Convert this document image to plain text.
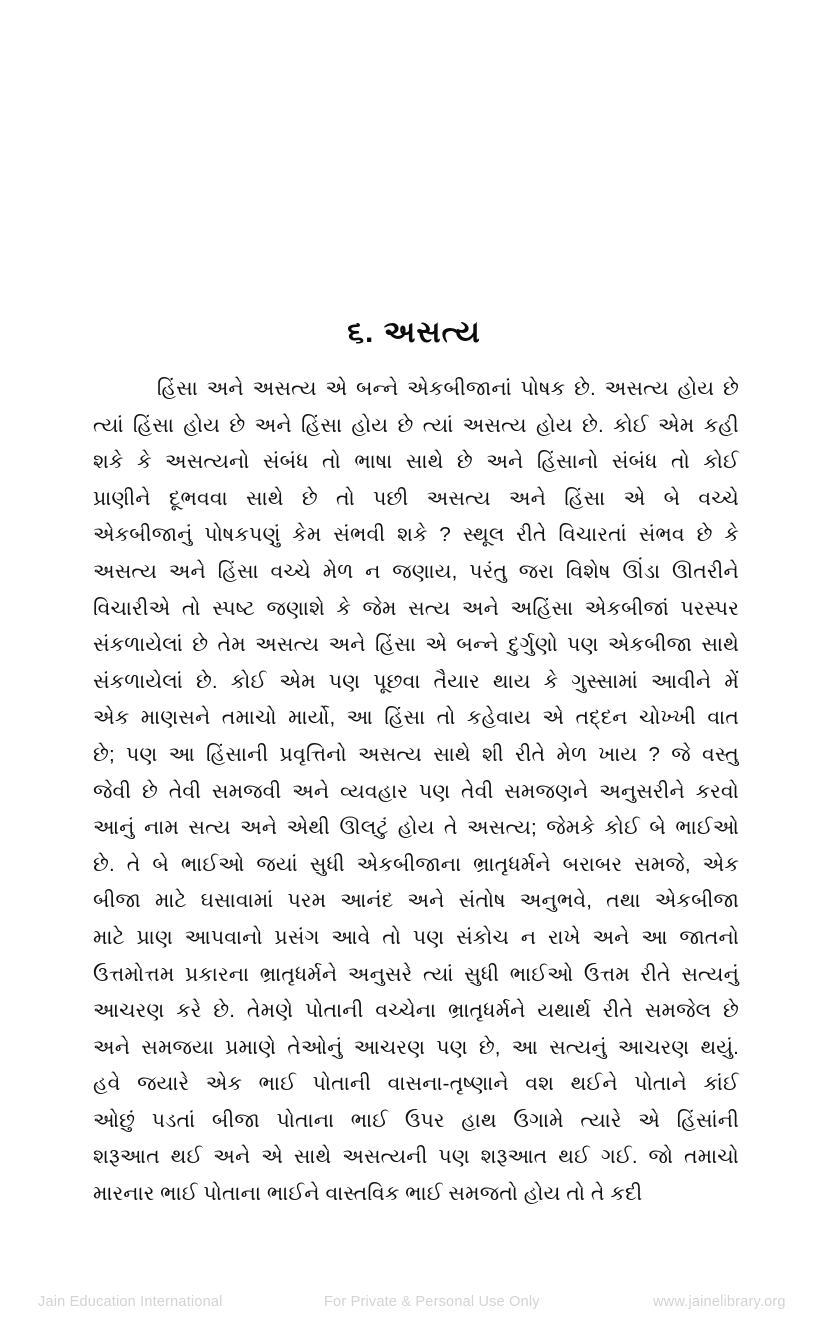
૬. અસત્ય
હિંસા અને અસત્ય એ બન્ને એકબીજાનાં પોષક છે. અસત્ય હોય છે
ત્યાં હિંસા હોય છે અને હિંસા હોય છે ત્યાં અસત્ય હોય છે. કોઈ એમ કહી
શકે કે અસત્યનો સંબંધ તો ભાષા સાથે છે અને હિંસાનો સંબંધ તો કોઈ
પ્રાણીને દૂભવવા સાથે છે તો પછી અસત્ય અને હિંસા એ બે વચ્ચે
એકબીજાનું પોષકપણું કેમ સંભવી શકે ? સ્થૂલ રીતે વિચારતાં સંભવ છે કે
અસત્ય અને હિંસા વચ્ચે મેળ ન જણાય, પરંતુ જરા વિશેષ ઊંડા ઊતરીને
વિચારીએ તો સ્પષ્ટ જણાશે કે જેમ સત્ય અને અહિંસા એકબીજાં પરસ્પર
સંકળાયેલાં છે તેમ અસત્ય અને હિંસા એ બન્ને દુર્ગુણો પણ એકબીજા સાથે
સંકળાયેલાં છે. કોઈ એમ પણ પૂછવા તૈયાર થાય કે ગુસ્સામાં આવીને મેં
એક માણસને તમાચો માર્યો, આ હિંસા તો કહેવાય એ તદ્દન ચોખ્ખી વાત
છે; પણ આ હિંસાની પ્રવૃત્તિનો અસત્ય સાથે શી રીતે મેળ ખાય ? જે વસ્તુ
જેવી છે તેવી સમજવી અને વ્યવહાર પણ તેવી સમજણને અનુસરીને કરવો
આનું નામ સત્ય અને એથી ઊલટું હોય તે અસત્ય; જેમકે કોઈ બે ભાઈઓ
છે. તે બે ભાઈઓ જયાં સુધી એકબીજાના ભ્રાતૃધર્મને બરાબર સમજે, એક
બીજા માટે ઘસાવામાં પરમ આનંદ અને સંતોષ અનુભવે, તથા એકબીજા
માટે પ્રાણ આપવાનો પ્રસંગ આવે તો પણ સંકોચ ન રાખે અને આ જાતનો
ઉત્તમોત્તમ પ્રકારના ભ્રાતૃધર્મને અનુસરે ત્યાં સુધી ભાઈઓ ઉત્તમ રીતે સત્યનું
આચરણ કરે છે. તેમણે પોતાની વચ્ચેના ભ્રાતૃધર્મને યથાર્થ રીતે સમજેલ છે
અને સમજયા પ્રમાણે તેઓનું આચરણ પણ છે, આ સત્યનું આચરણ થયું.
હવે જયારે એક ભાઈ પોતાની વાસના-તૃષ્ણાને વશ થઈને પોતાને કાંઈ
ઓછું પડતાં બીજા પોતાના ભાઈ ઉપર હાથ ઉગામે ત્યારે એ હિંસાંની
શરૂઆત થઈ અને એ સાથે અસત્યની પણ શરૂઆત થઈ ગઈ. જો તમાચો
મારનાર ભાઈ પોતાના ભાઈને વાસ્તવિક ભાઈ સમજતો હોય તો તે કદી
Jain Education International	For Private & Personal Use Only	www.jainelibrary.org
